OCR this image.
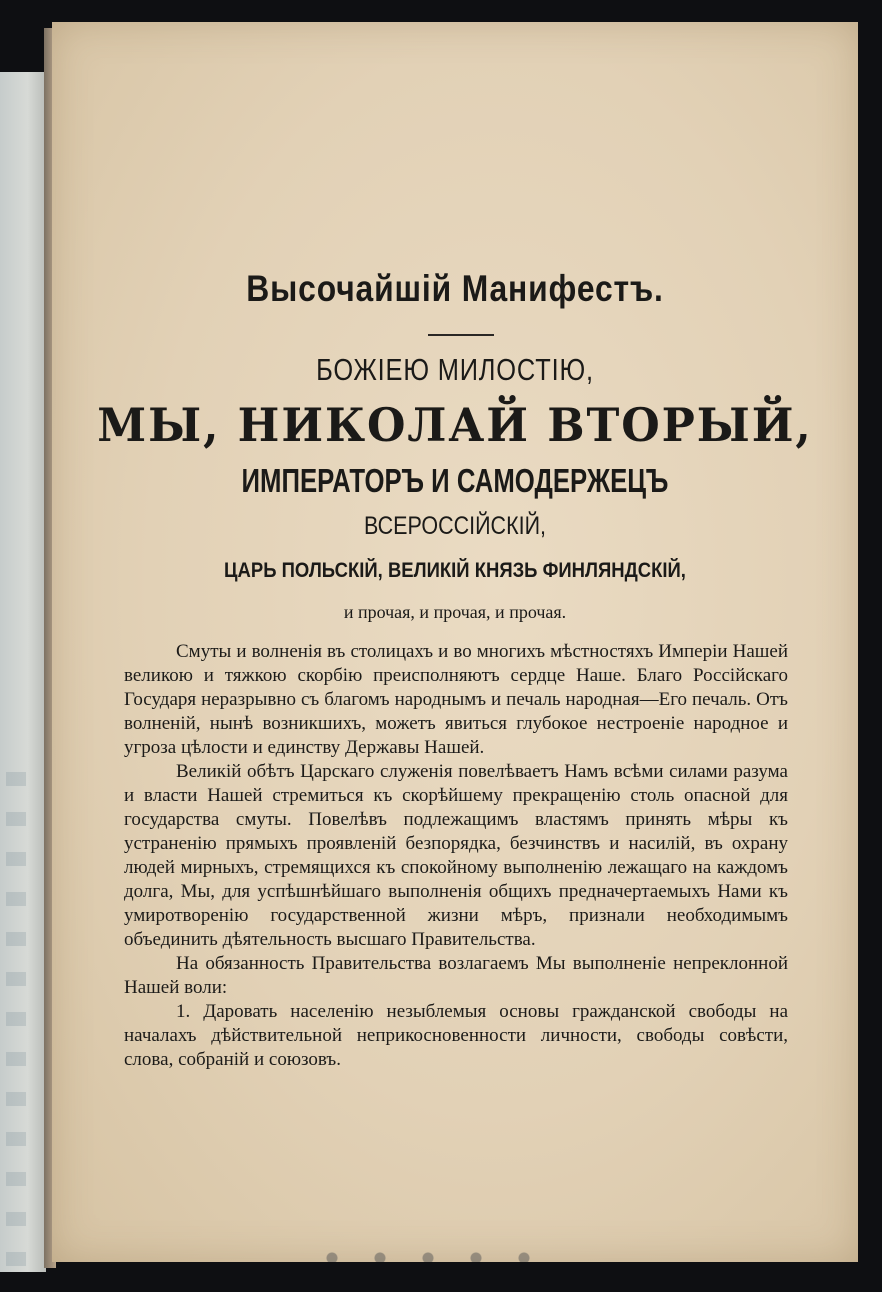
Высочайшій Манифестъ.
БОЖІЕЮ МИЛОСТІЮ,
МЫ, НИКОЛАЙ ВТОРЫЙ,
ИМПЕРАТОРЪ И САМОДЕРЖЕЦЪ
ВСЕРОССІЙСКІЙ,
ЦАРЬ ПОЛЬСКІЙ, ВЕЛИКІЙ КНЯЗЬ ФИНЛЯНДСКІЙ,
и прочая, и прочая, и прочая.

Смуты и волненія въ столицахъ и во многихъ мѣстностяхъ Имперіи Нашей великою и тяжкою скорбію преисполняютъ сердце Наше. Благо Россійскаго Государя неразрывно съ благомъ народнымъ и печаль народная—Его печаль. Отъ волненій, нынѣ возникшихъ, можетъ явиться глубокое нестроеніе народное и угроза цѣлости и единству Державы Нашей.

Великій обѣтъ Царскаго служенія повелѣваетъ Намъ всѣми силами разума и власти Нашей стремиться къ скорѣйшему прекращенію столь опасной для государства смуты. Повелѣвъ подлежащимъ властямъ принять мѣры къ устраненію прямыхъ проявленій безпорядка, безчинствъ и насилій, въ охрану людей мирныхъ, стремящихся къ спокойному выполненію лежащаго на каждомъ долга, Мы, для успѣшнѣйшаго выполненія общихъ предначертаемыхъ Нами къ умиротворенію государственной жизни мѣръ, признали необходимымъ объединить дѣятельность высшаго Правительства.

На обязанность Правительства возлагаемъ Мы выполненіе непреклонной Нашей воли:

1. Даровать населенію незыблемыя основы гражданской свободы на началахъ дѣйствительной неприкосновенности личности, свободы совѣсти, слова, собраній и союзовъ.
